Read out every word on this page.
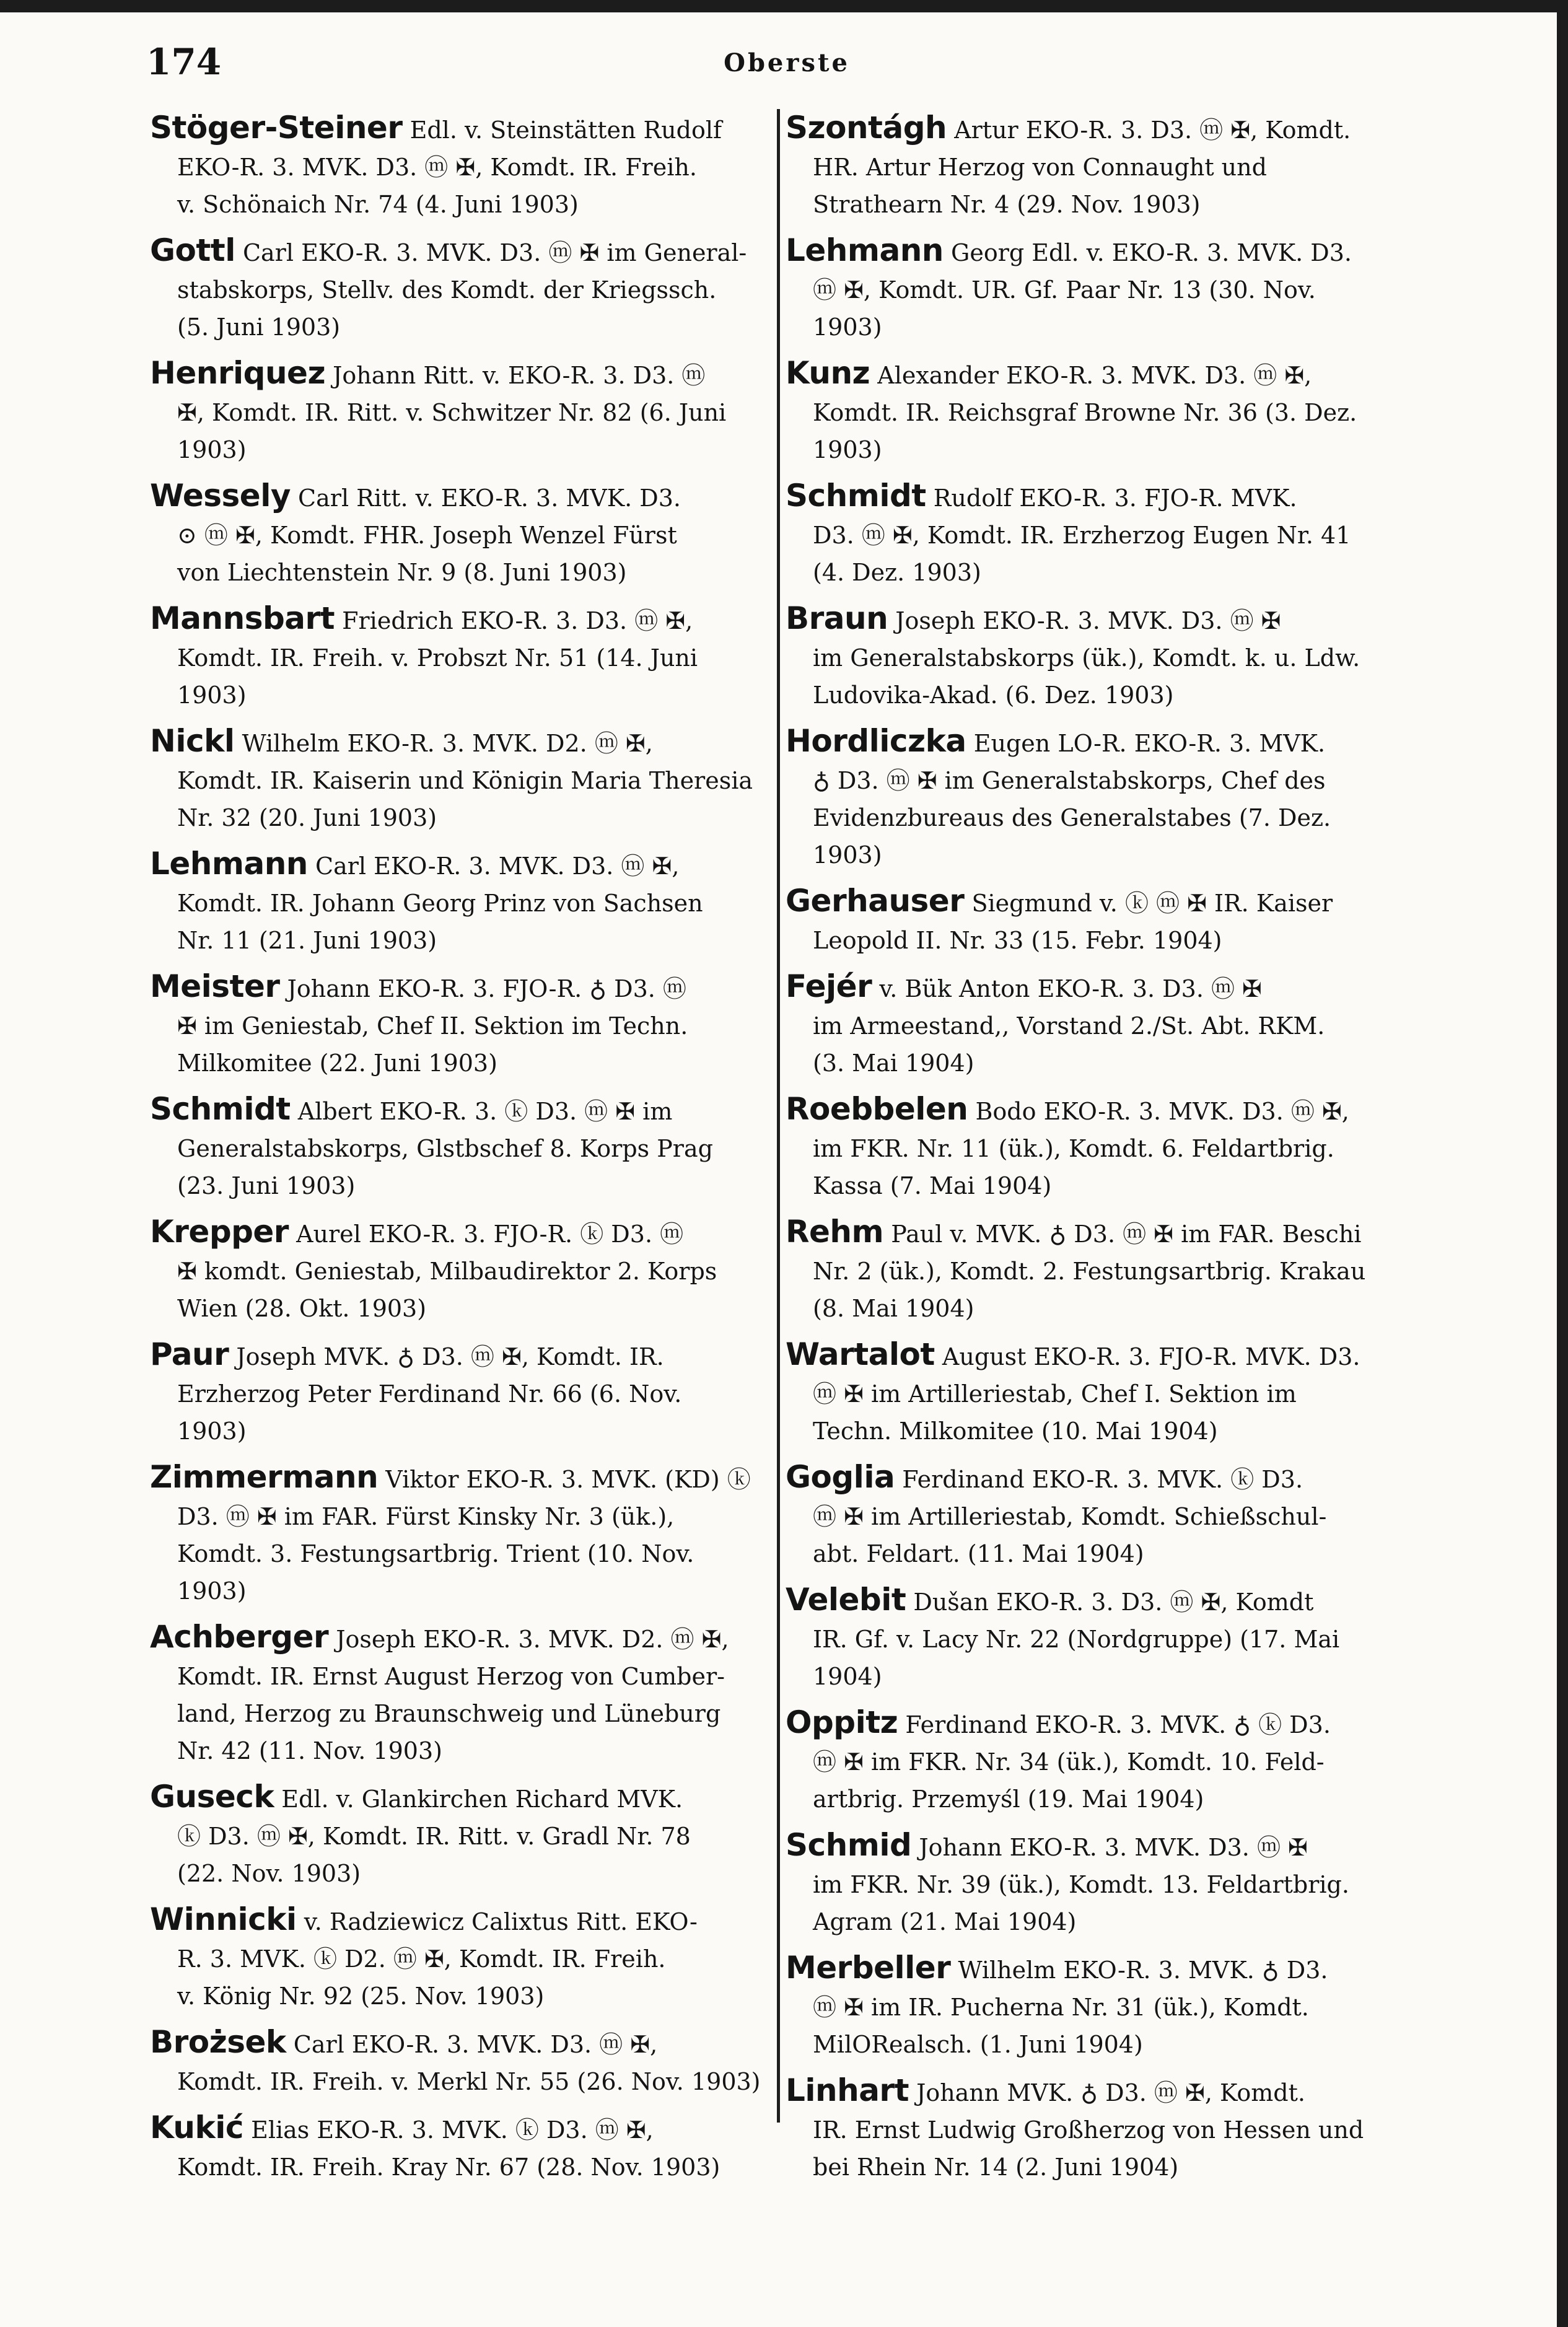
174	Oberste
Stöger-Steiner Edl. v. Steinstätten Rudolf
EKO-R. 3. MVK. D3. ⓜ ✠, Komdt. IR. Freih.
v. Schönaich Nr. 74 (4. Juni 1903)
Gottl Carl EKO-R. 3. MVK. D3. ⓜ ✠ im General-
stabskorps, Stellv. des Komdt. der Kriegssch.
(5. Juni 1903)
Henriquez Johann Ritt. v. EKO-R. 3. D3. ⓜ
✠, Komdt. IR. Ritt. v. Schwitzer Nr. 82 (6. Juni
1903)
Wessely Carl Ritt. v. EKO-R. 3. MVK. D3.
⊙ ⓜ ✠, Komdt. FHR. Joseph Wenzel Fürst
von Liechtenstein Nr. 9 (8. Juni 1903)
Mannsbart Friedrich EKO-R. 3. D3. ⓜ ✠,
Komdt. IR. Freih. v. Probszt Nr. 51 (14. Juni
1903)
Nickl Wilhelm EKO-R. 3. MVK. D2. ⓜ ✠,
Komdt. IR. Kaiserin und Königin Maria Theresia
Nr. 32 (20. Juni 1903)
Lehmann Carl EKO-R. 3. MVK. D3. ⓜ ✠,
Komdt. IR. Johann Georg Prinz von Sachsen
Nr. 11 (21. Juni 1903)
Meister Johann EKO-R. 3. FJO-R. ♁ D3. ⓜ
✠ im Geniestab, Chef II. Sektion im Techn.
Milkomitee (22. Juni 1903)
Schmidt Albert EKO-R. 3. ⓚ D3. ⓜ ✠ im
Generalstabskorps, Glstbschef 8. Korps Prag
(23. Juni 1903)
Krepper Aurel EKO-R. 3. FJO-R. ⓚ D3. ⓜ
✠ komdt. Geniestab, Milbaudirektor 2. Korps
Wien (28. Okt. 1903)
Paur Joseph MVK. ♁ D3. ⓜ ✠, Komdt. IR.
Erzherzog Peter Ferdinand Nr. 66 (6. Nov.
1903)
Zimmermann Viktor EKO-R. 3. MVK. (KD) ⓚ
D3. ⓜ ✠ im FAR. Fürst Kinsky Nr. 3 (ük.),
Komdt. 3. Festungsartbrig. Trient (10. Nov.
1903)
Achberger Joseph EKO-R. 3. MVK. D2. ⓜ ✠,
Komdt. IR. Ernst August Herzog von Cumber-
land, Herzog zu Braunschweig und Lüneburg
Nr. 42 (11. Nov. 1903)
Guseck Edl. v. Glankirchen Richard MVK.
ⓚ D3. ⓜ ✠, Komdt. IR. Ritt. v. Gradl Nr. 78
(22. Nov. 1903)
Winnicki v. Radziewicz Calixtus Ritt. EKO-
R. 3. MVK. ⓚ D2. ⓜ ✠, Komdt. IR. Freih.
v. König Nr. 92 (25. Nov. 1903)
Brożsek Carl EKO-R. 3. MVK. D3. ⓜ ✠,
Komdt. IR. Freih. v. Merkl Nr. 55 (26. Nov. 1903)
Kukić Elias EKO-R. 3. MVK. ⓚ D3. ⓜ ✠,
Komdt. IR. Freih. Kray Nr. 67 (28. Nov. 1903)
Szontágh Artur EKO-R. 3. D3. ⓜ ✠, Komdt.
HR. Artur Herzog von Connaught und
Strathearn Nr. 4 (29. Nov. 1903)
Lehmann Georg Edl. v. EKO-R. 3. MVK. D3.
ⓜ ✠, Komdt. UR. Gf. Paar Nr. 13 (30. Nov.
1903)
Kunz Alexander EKO-R. 3. MVK. D3. ⓜ ✠,
Komdt. IR. Reichsgraf Browne Nr. 36 (3. Dez.
1903)
Schmidt Rudolf EKO-R. 3. FJO-R. MVK.
D3. ⓜ ✠, Komdt. IR. Erzherzog Eugen Nr. 41
(4. Dez. 1903)
Braun Joseph EKO-R. 3. MVK. D3. ⓜ ✠
im Generalstabskorps (ük.), Komdt. k. u. Ldw.
Ludovika-Akad. (6. Dez. 1903)
Hordliczka Eugen LO-R. EKO-R. 3. MVK.
♁ D3. ⓜ ✠ im Generalstabskorps, Chef des
Evidenzbureaus des Generalstabes (7. Dez.
1903)
Gerhauser Siegmund v. ⓚ ⓜ ✠ IR. Kaiser
Leopold II. Nr. 33 (15. Febr. 1904)
Fejér v. Bük Anton EKO-R. 3. D3. ⓜ ✠
im Armeestand,, Vorstand 2./St. Abt. RKM.
(3. Mai 1904)
Roebbelen Bodo EKO-R. 3. MVK. D3. ⓜ ✠,
im FKR. Nr. 11 (ük.), Komdt. 6. Feldartbrig.
Kassa (7. Mai 1904)
Rehm Paul v. MVK. ♁ D3. ⓜ ✠ im FAR. Beschi
Nr. 2 (ük.), Komdt. 2. Festungsartbrig. Krakau
(8. Mai 1904)
Wartalot August EKO-R. 3. FJO-R. MVK. D3.
ⓜ ✠ im Artilleriestab, Chef I. Sektion im
Techn. Milkomitee (10. Mai 1904)
Goglia Ferdinand EKO-R. 3. MVK. ⓚ D3.
ⓜ ✠ im Artilleriestab, Komdt. Schießschul-
abt. Feldart. (11. Mai 1904)
Velebit Dušan EKO-R. 3. D3. ⓜ ✠, Komdt
IR. Gf. v. Lacy Nr. 22 (Nordgruppe) (17. Mai
1904)
Oppitz Ferdinand EKO-R. 3. MVK. ♁ ⓚ D3.
ⓜ ✠ im FKR. Nr. 34 (ük.), Komdt. 10. Feld-
artbrig. Przemyśl (19. Mai 1904)
Schmid Johann EKO-R. 3. MVK. D3. ⓜ ✠
im FKR. Nr. 39 (ük.), Komdt. 13. Feldartbrig.
Agram (21. Mai 1904)
Merbeller Wilhelm EKO-R. 3. MVK. ♁ D3.
ⓜ ✠ im IR. Pucherna Nr. 31 (ük.), Komdt.
MilORealsch. (1. Juni 1904)
Linhart Johann MVK. ♁ D3. ⓜ ✠, Komdt.
IR. Ernst Ludwig Großherzog von Hessen und
bei Rhein Nr. 14 (2. Juni 1904)
